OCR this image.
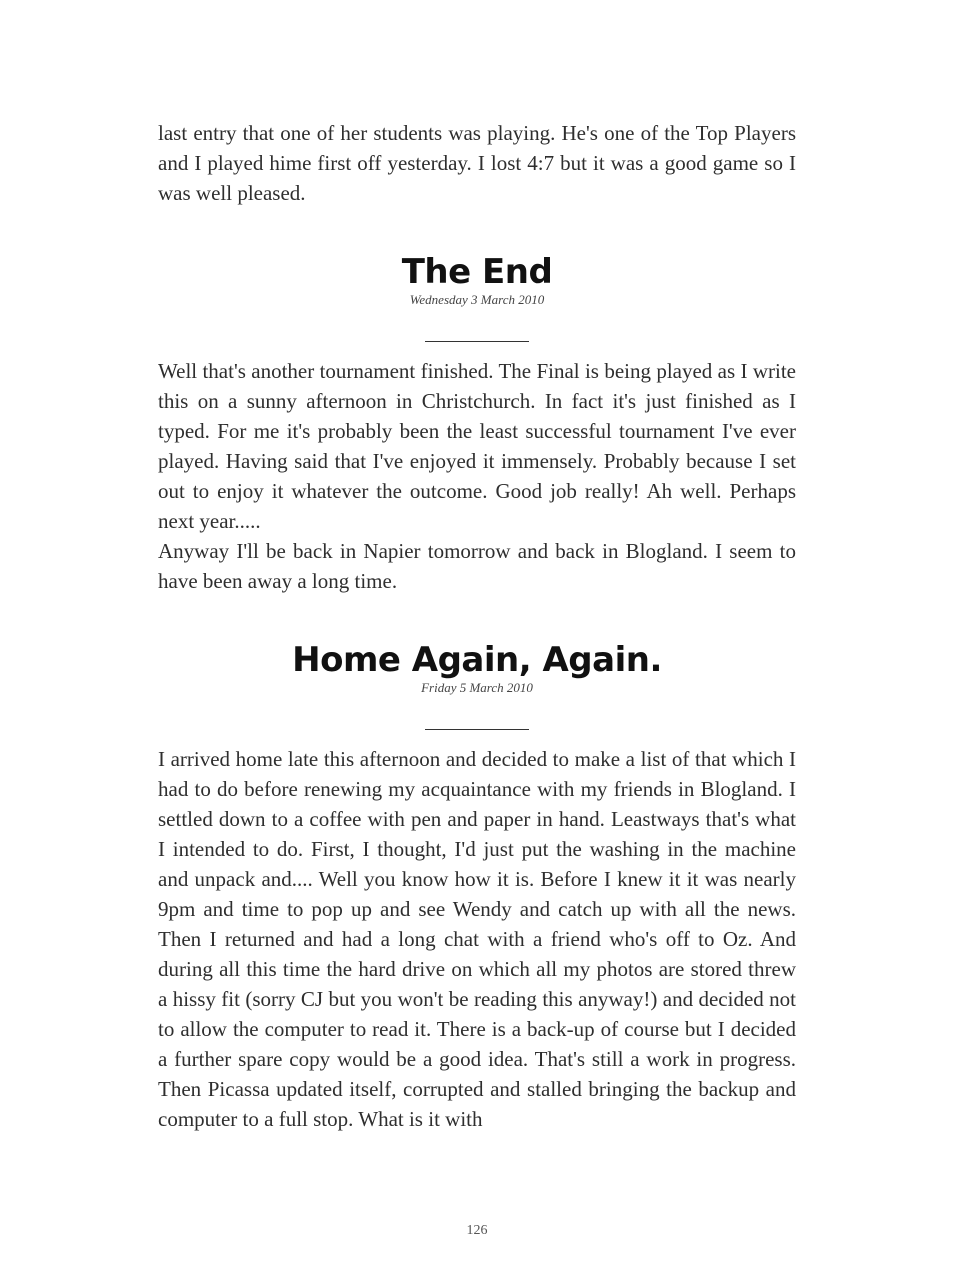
last entry that one of her students was playing. He's one of the Top Players and I played hime first off yesterday. I lost 4:7 but it was a good game so I was well pleased.

The End

Wednesday 3 March 2010

Well that's another tournament finished. The Final is being played as I write this on a sunny afternoon in Christchurch. In fact it's just finished as I typed. For me it's probably been the least successful tournament I've ever played. Having said that I've enjoyed it immensely. Probably because I set out to enjoy it whatever the outcome. Good job really! Ah well. Perhaps next year.....

Anyway I'll be back in Napier tomorrow and back in Blogland. I seem to have been away a long time.

Home Again, Again.

Friday 5 March 2010

I arrived home late this afternoon and decided to make a list of that which I had to do before renewing my acquaintance with my friends in Blogland. I settled down to a coffee with pen and paper in hand. Leastways that's what I intended to do. First, I thought, I'd just put the washing in the machine and unpack and.... Well you know how it is. Before I knew it it was nearly 9pm and time to pop up and see Wendy and catch up with all the news. Then I returned and had a long chat with a friend who's off to Oz. And during all this time the hard drive on which all my photos are stored threw a hissy fit (sorry CJ but you won't be reading this anyway!) and decided not to allow the computer to read it. There is a back-up of course but I decided a further spare copy would be a good idea. That's still a work in progress. Then Picassa updated itself, corrupted and stalled bringing the backup and computer to a full stop. What is it with

126
